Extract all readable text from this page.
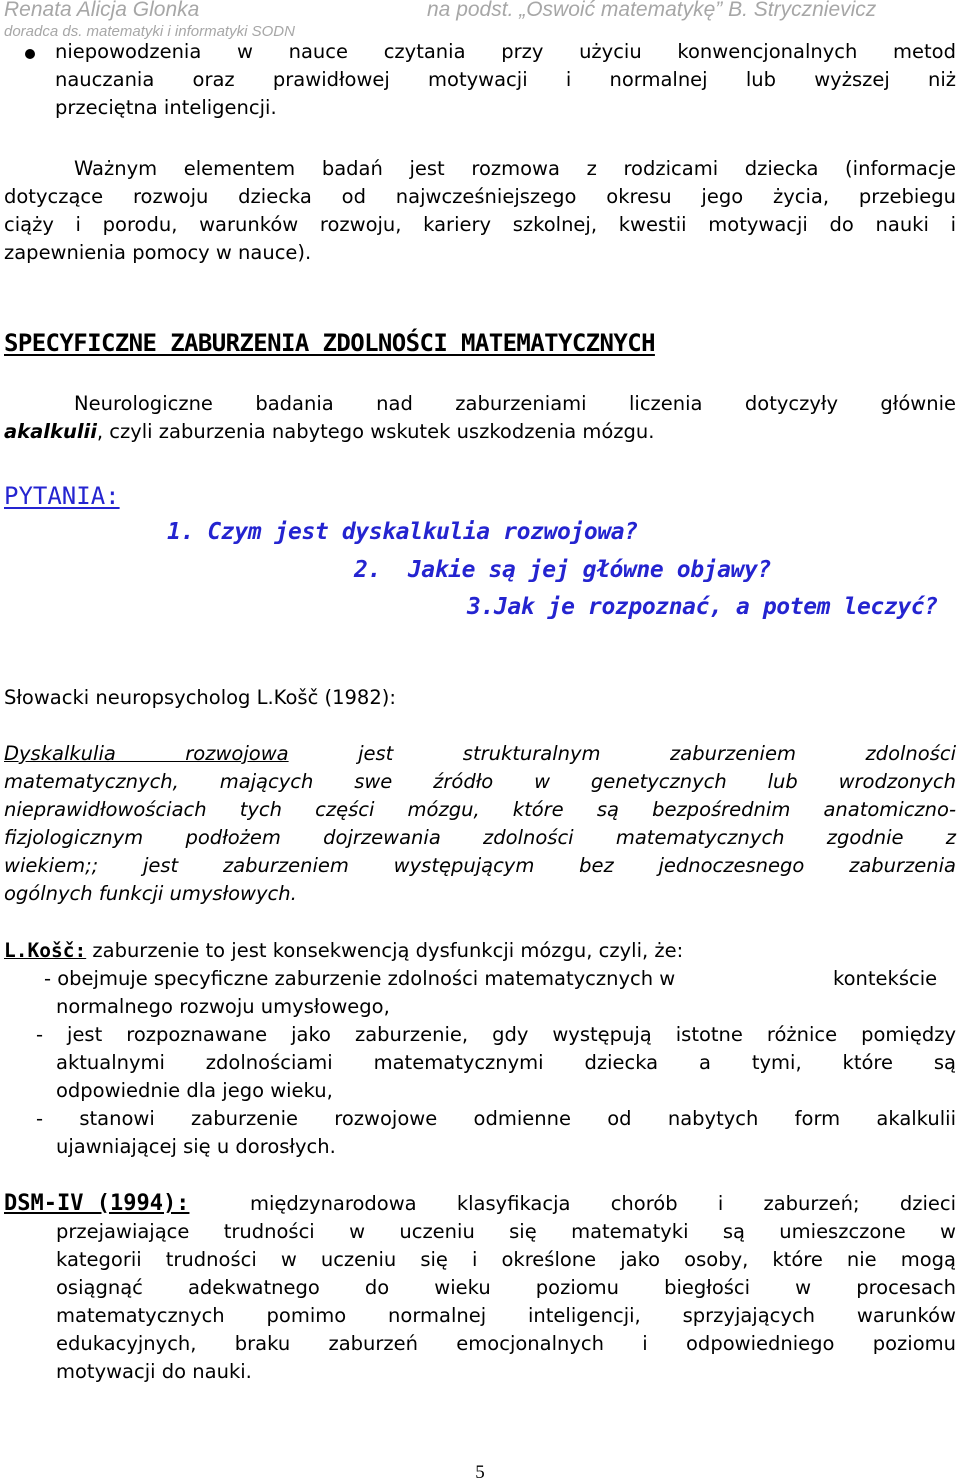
Renata Alicja Glonka	na podst. „Oswoić matematykę” B. Strycznievicz
doradca ds. matematyki i informatyki SODN

niepowodzenia w nauce czytania przy użyciu konwencjonalnych metod

nauczania oraz prawidłowej motywacji i normalnej lub wyższej niż

przeciętna inteligencji.

Ważnym elementem badań jest rozmowa z rodzicami dziecka (informacje

dotyczące rozwoju dziecka od najwcześniejszego okresu jego życia, przebiegu

ciąży i porodu, warunków rozwoju, kariery szkolnej, kwestii motywacji do nauki i

zapewnienia pomocy w nauce).

SPECYFICZNE ZABURZENIA ZDOLNOŚCI MATEMATYCZNYCH

Neurologiczne badania nad zaburzeniami liczenia dotyczyły głównie

akalkulii, czyli zaburzenia nabytego wskutek uszkodzenia mózgu.

PYTANIA:
1. Czym jest dyskalkulia rozwojowa?
2. Jakie są jej główne objawy?
3.Jak je rozpoznać, a potem leczyć?

Słowacki neuropsycholog L.Košč (1982):

Dyskalkulia rozwojowa	jest strukturalnym zaburzeniem zdolności

matematycznych, mających swe źródło w genetycznych lub wrodzonych

nieprawidłowościach tych części mózgu, które są bezpośrednim anatomiczno-

fizjologicznym podłożem dojrzewania zdolności matematycznych zgodnie z

wiekiem;; jest zaburzeniem występującym bez jednoczesnego zaburzenia

ogólnych funkcji umysłowych.

L.Košč: zaburzenie to jest konsekwencją dysfunkcji mózgu, czyli, że:

- obejmuje specyficzne zaburzenie zdolności matematycznych w	kontekście

normalnego rozwoju umysłowego,

- jest rozpoznawane jako zaburzenie, gdy występują istotne różnice pomiędzy

aktualnymi zdolnościami matematycznymi dziecka a tymi, które są

odpowiednie dla jego wieku,

- stanowi zaburzenie rozwojowe odmienne od nabytych form akalkulii

ujawniającej się u dorosłych.

DSM-IV (1994):	międzynarodowa klasyfikacja chorób i zaburzeń; dzieci

przejawiające trudności w uczeniu się matematyki są umieszczone w

kategorii trudności w uczeniu się i określone jako osoby, które nie mogą

osiągnąć adekwatnego do wieku poziomu biegłości w procesach

matematycznych pomimo normalnej inteligencji, sprzyjających warunków

edukacyjnych, braku zaburzeń emocjonalnych i odpowiedniego poziomu

motywacji do nauki.

5
